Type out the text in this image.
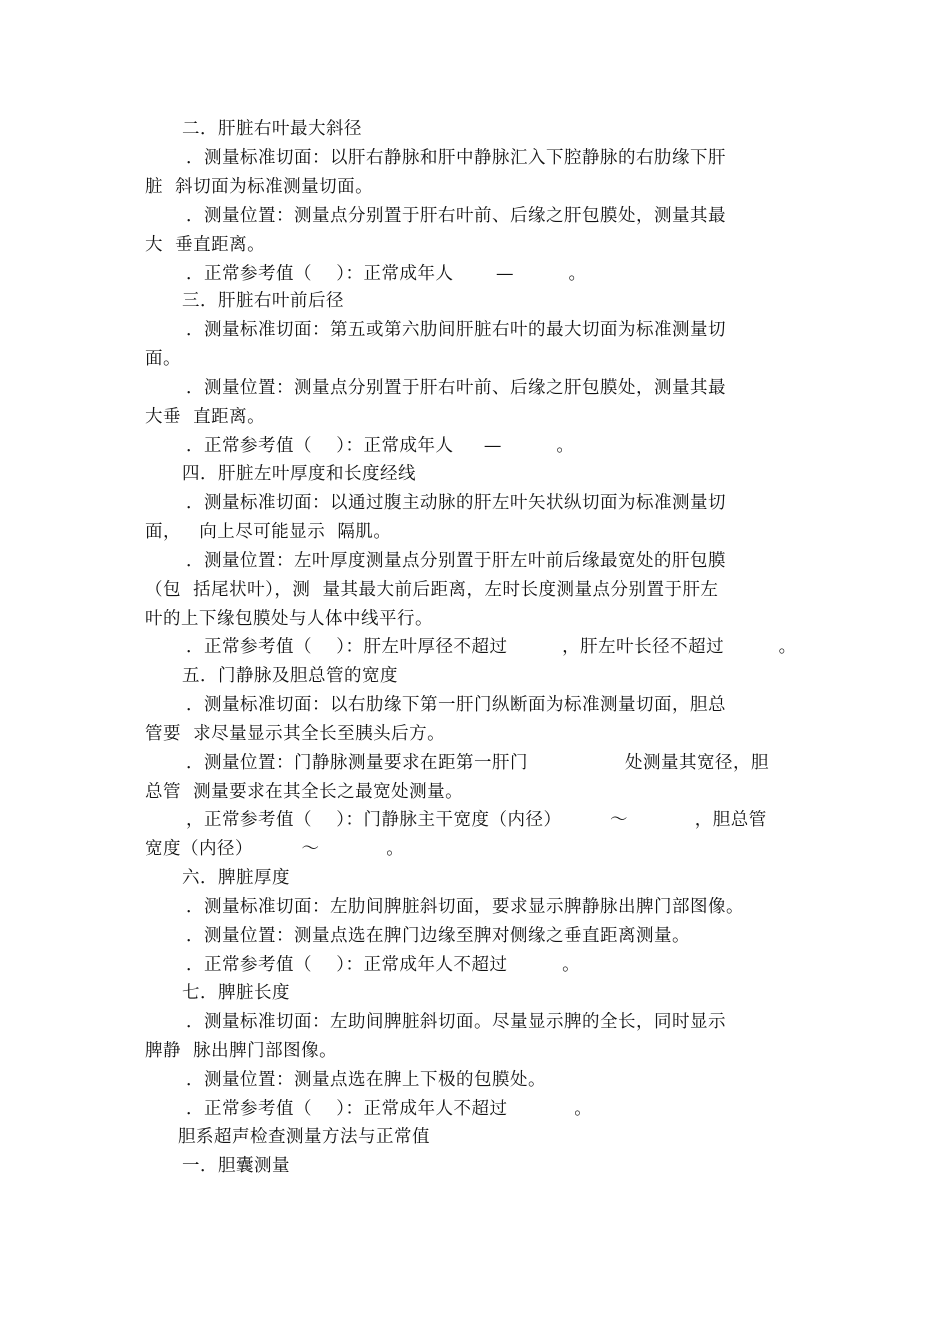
二．肝脏右叶最大斜径
．测量标准切面：以肝右静脉和肝中静脉汇入下腔静脉的右肋缘下肝
脏  斜切面为标准测量切面。
．测量位置：测量点分别置于肝右叶前、后缘之肝包膜处，测量其最
大  垂直距离。
．正常参考值（    ）：正常成年人       —         。
三．肝脏右叶前后径
．测量标准切面：第五或第六肋间肝脏右叶的最大切面为标准测量切
面。
．测量位置：测量点分别置于肝右叶前、后缘之肝包膜处，测量其最
大垂  直距离。
．正常参考值（    ）：正常成年人     —         。
四．肝脏左叶厚度和长度经线
．测量标准切面：以通过腹主动脉的肝左叶矢状纵切面为标准测量切
面，   向上尽可能显示  隔肌。
．测量位置：左叶厚度测量点分别置于肝左叶前后缘最宽处的肝包膜
（包  括尾状叶），测  量其最大前后距离，左时长度测量点分别置于肝左
叶的上下缘包膜处与人体中线平行。
．正常参考值（    ）：肝左叶厚径不超过         ，肝左叶长径不超过         。
五．门静脉及胆总管的宽度
．测量标准切面：以右肋缘下第一肝门纵断面为标准测量切面，胆总
管要  求尽量显示其全长至胰头后方。
．测量位置：门静脉测量要求在距第一肝门                处测量其宽径，胆
总管  测量要求在其全长之最宽处测量。
，正常参考值（    ）：门静脉主干宽度（内径）        ～           ，胆总管
宽度（内径）        ～           。
六．脾脏厚度
．测量标准切面：左肋间脾脏斜切面，要求显示脾静脉出脾门部图像。
．测量位置：测量点选在脾门边缘至脾对侧缘之垂直距离测量。
．正常参考值（    ）：正常成年人不超过         。
七．脾脏长度
．测量标准切面：左助间脾脏斜切面。尽量显示脾的全长，同时显示
脾静  脉出脾门部图像。
．测量位置：测量点选在脾上下极的包膜处。
．正常参考值（    ）：正常成年人不超过           。
胆系超声检查测量方法与正常值
一．胆囊测量
